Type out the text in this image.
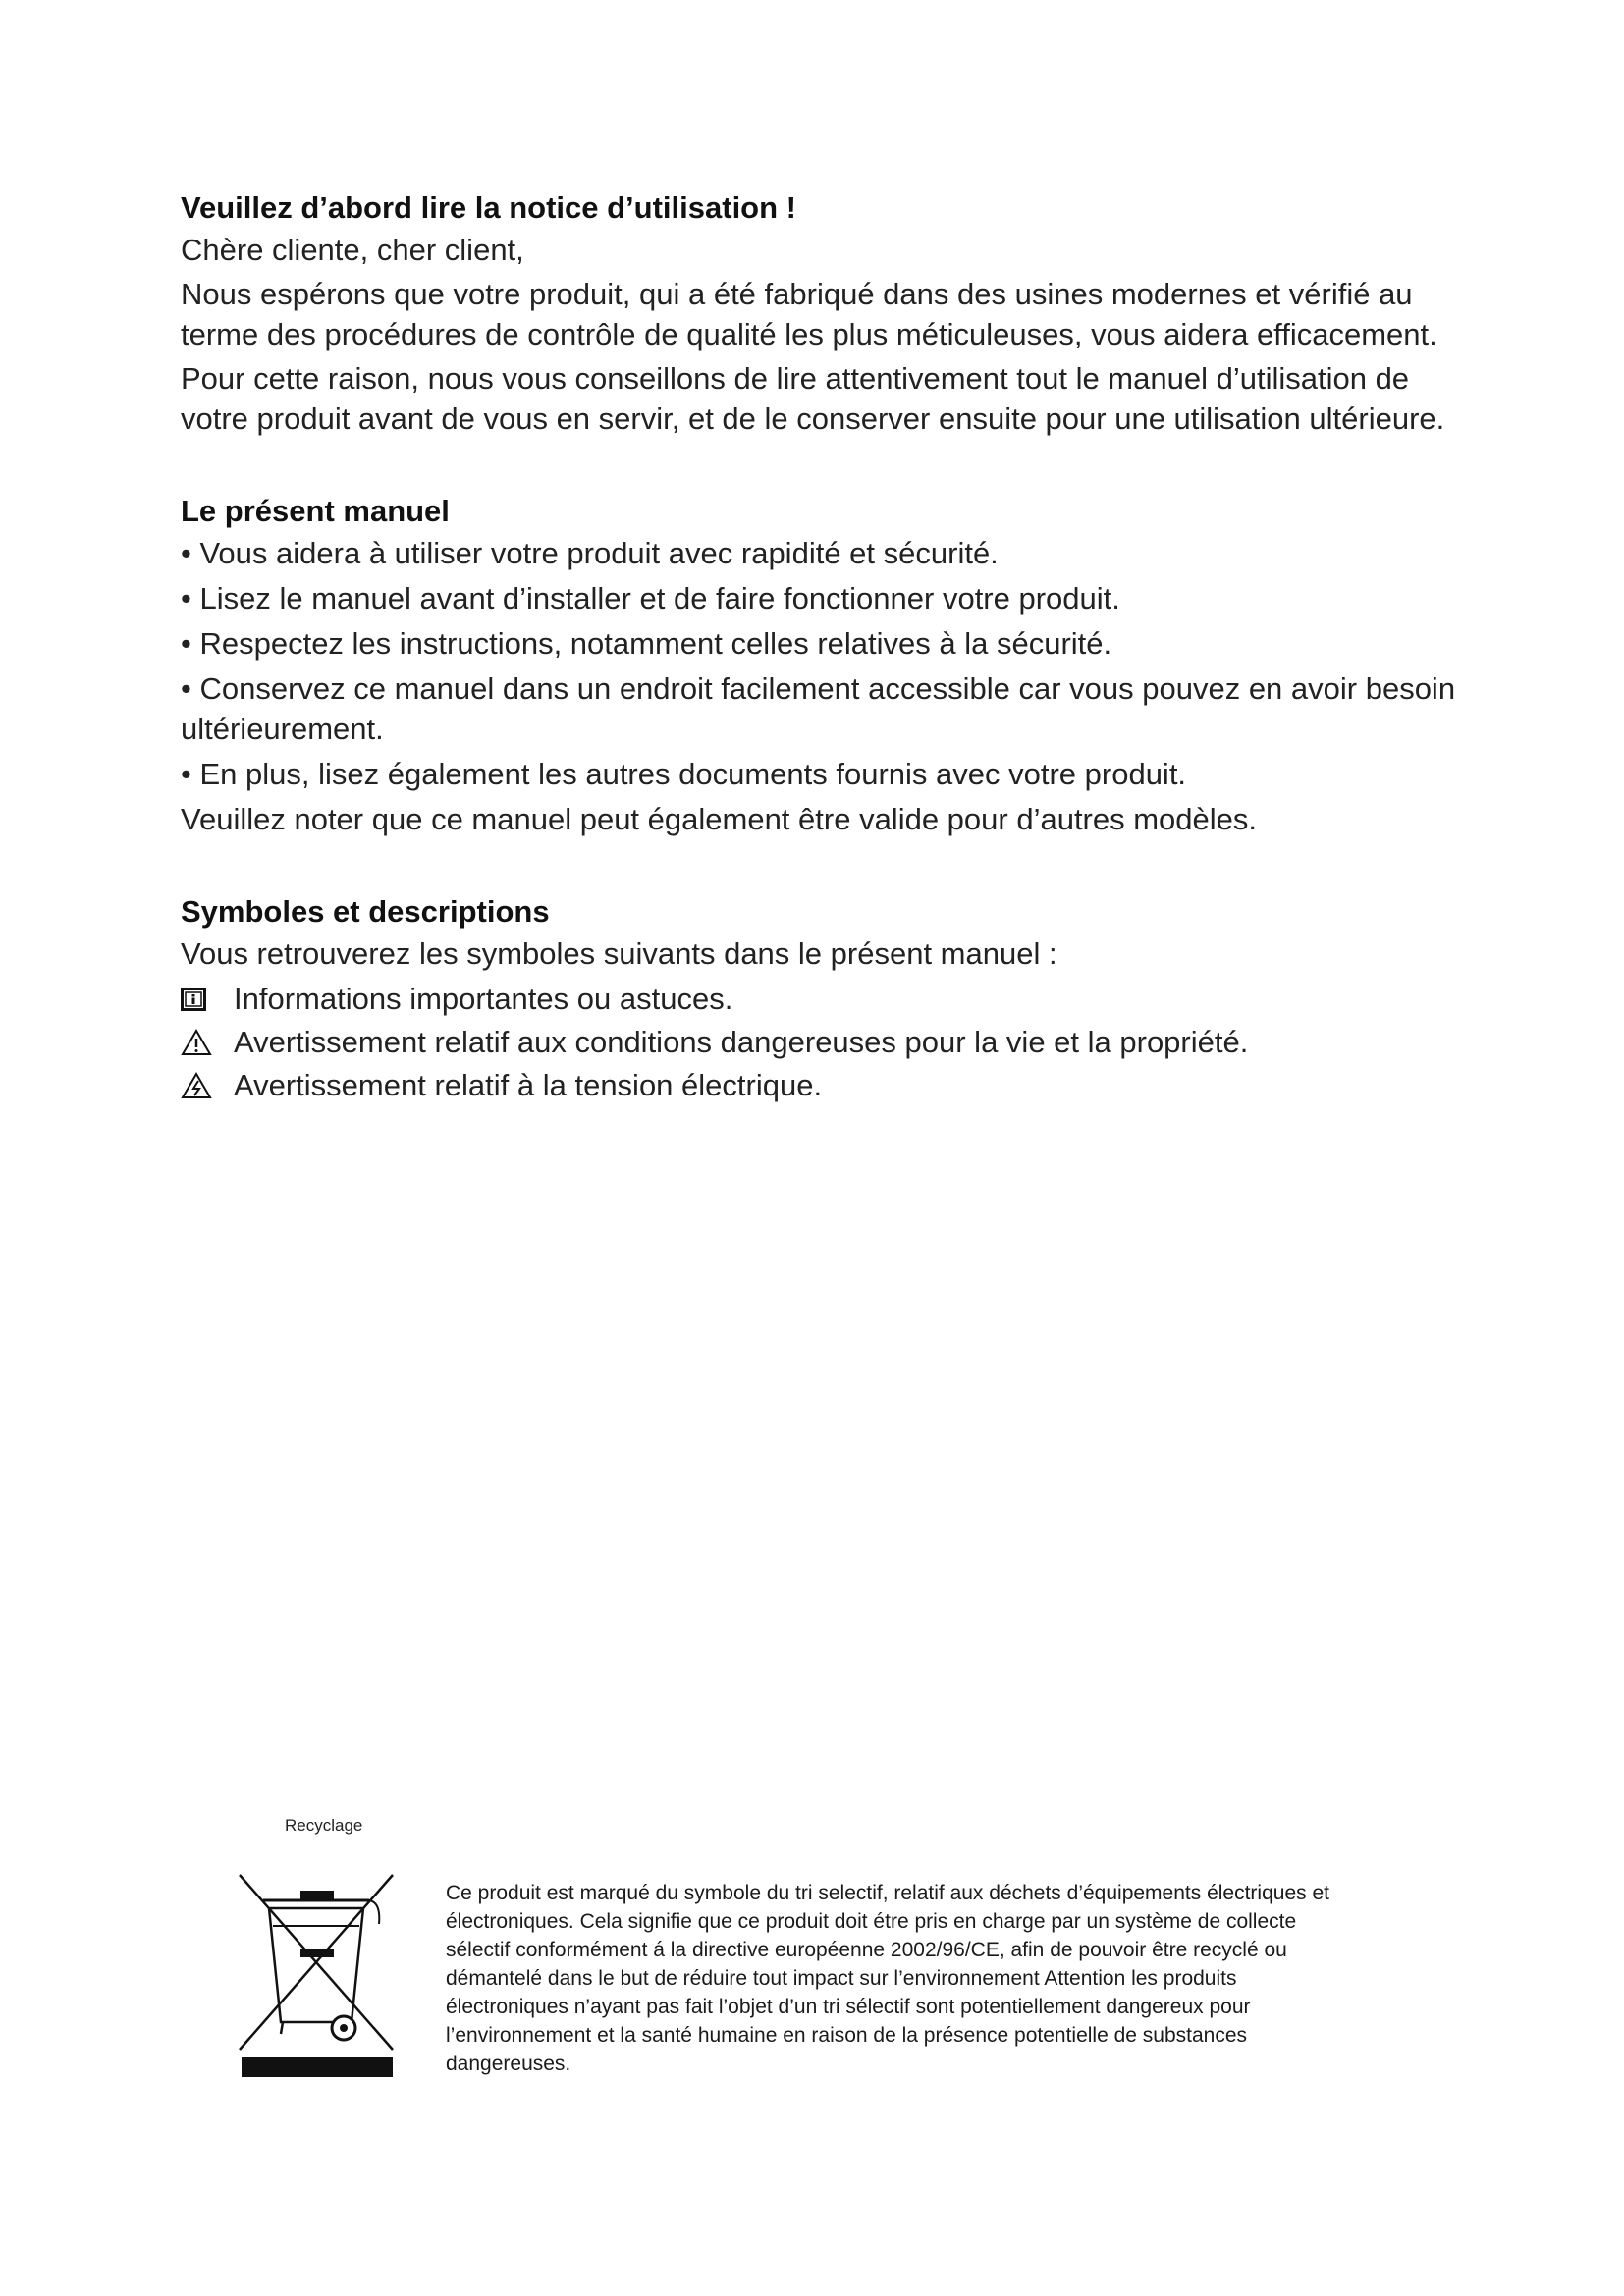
Veuillez d’abord lire la notice d’utilisation !

Chère cliente, cher client,

Nous espérons que votre produit, qui a été fabriqué dans des usines modernes et vérifié au terme des procédures de contrôle de qualité les plus méticuleuses, vous aidera efficacement.

Pour cette raison, nous vous conseillons de lire attentivement tout le manuel d’utilisation de votre produit avant de vous en servir, et de le conserver ensuite pour une utilisation ultérieure.

Le présent manuel

• Vous aidera à utiliser votre produit avec rapidité et sécurité.

• Lisez le manuel avant d’installer et de faire fonctionner votre produit.

• Respectez les instructions, notamment celles relatives à la sécurité.

• Conservez ce manuel dans un endroit facilement accessible car vous pouvez en avoir besoin ultérieurement.

• En plus, lisez également les autres documents fournis avec votre produit.

Veuillez noter que ce manuel peut également être valide pour d’autres modèles.

Symboles et descriptions

Vous retrouverez les symboles suivants dans le présent manuel :

Informations importantes ou astuces.
Avertissement relatif aux conditions dangereuses pour la vie et la propriété.
Avertissement relatif à la tension électrique.
Recyclage

Ce produit est marqué du symbole du tri selectif, relatif aux déchets d’équipements électriques et électroniques. Cela signifie que ce produit doit étre pris en charge par un système de collecte sélectif conformément á la directive européenne 2002/96/CE, afin de pouvoir être recyclé ou démantelé dans le but de réduire tout impact sur l’environnement Attention les produits électroniques n’ayant pas fait l’objet d’un tri sélectif sont potentiellement dangereux pour l’environnement et la santé humaine en raison de la présence potentielle de substances dangereuses.
